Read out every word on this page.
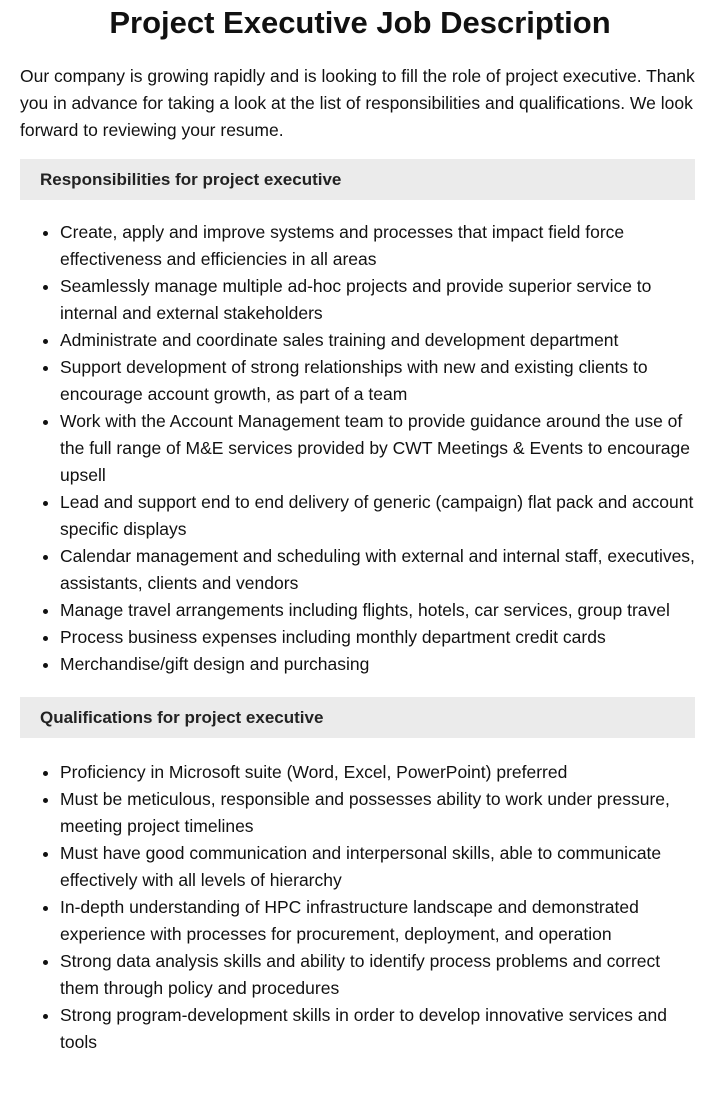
Project Executive Job Description

Our company is growing rapidly and is looking to fill the role of project executive. Thank you in advance for taking a look at the list of responsibilities and qualifications. We look forward to reviewing your resume.

Responsibilities for project executive
• Create, apply and improve systems and processes that impact field force effectiveness and efficiencies in all areas
• Seamlessly manage multiple ad-hoc projects and provide superior service to internal and external stakeholders
• Administrate and coordinate sales training and development department
• Support development of strong relationships with new and existing clients to encourage account growth, as part of a team
• Work with the Account Management team to provide guidance around the use of the full range of M&E services provided by CWT Meetings & Events to encourage upsell
• Lead and support end to end delivery of generic (campaign) flat pack and account specific displays
• Calendar management and scheduling with external and internal staff, executives, assistants, clients and vendors
• Manage travel arrangements including flights, hotels, car services, group travel
• Process business expenses including monthly department credit cards
• Merchandise/gift design and purchasing
Qualifications for project executive
• Proficiency in Microsoft suite (Word, Excel, PowerPoint) preferred
• Must be meticulous, responsible and possesses ability to work under pressure, meeting project timelines
• Must have good communication and interpersonal skills, able to communicate effectively with all levels of hierarchy
• In-depth understanding of HPC infrastructure landscape and demonstrated experience with processes for procurement, deployment, and operation
• Strong data analysis skills and ability to identify process problems and correct them through policy and procedures
• Strong program-development skills in order to develop innovative services and tools
